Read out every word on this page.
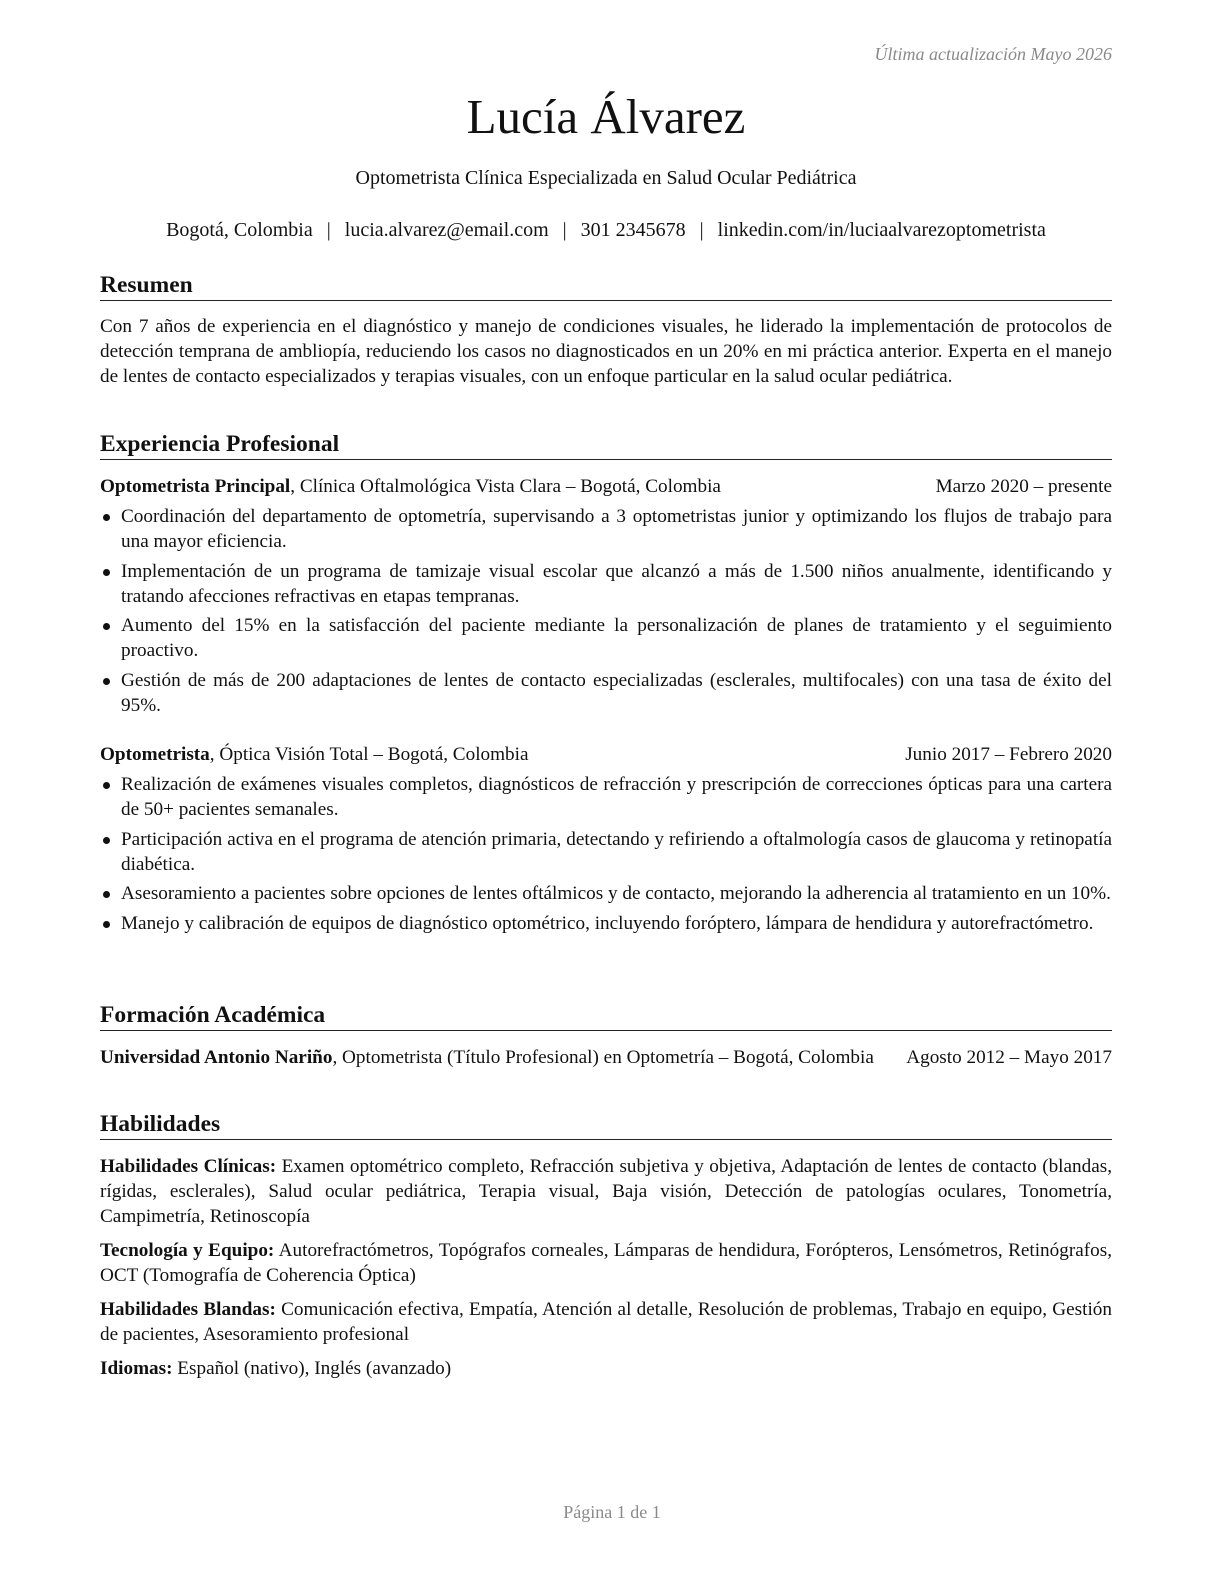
Última actualización Mayo 2026
Lucía Álvarez
Optometrista Clínica Especializada en Salud Ocular Pediátrica
Bogotá, Colombia | lucia.alvarez@email.com | 301 2345678 | linkedin.com/in/luciaalvarezoptometrista
Resumen
Con 7 años de experiencia en el diagnóstico y manejo de condiciones visuales, he liderado la implementación de protocolos de detección temprana de ambliopía, reduciendo los casos no diagnosticados en un 20% en mi práctica anterior. Experta en el manejo de lentes de contacto especializados y terapias visuales, con un enfoque particular en la salud ocular pediátrica.
Experiencia Profesional
Optometrista Principal, Clínica Oftalmológica Vista Clara – Bogotá, Colombia	Marzo 2020 – presente
Coordinación del departamento de optometría, supervisando a 3 optometristas junior y optimizando los flujos de trabajo para una mayor eficiencia.
Implementación de un programa de tamizaje visual escolar que alcanzó a más de 1.500 niños anualmente, identificando y tratando afecciones refractivas en etapas tempranas.
Aumento del 15% en la satisfacción del paciente mediante la personalización de planes de tratamiento y el seguimiento proactivo.
Gestión de más de 200 adaptaciones de lentes de contacto especializadas (esclerales, multifocales) con una tasa de éxito del 95%.
Optometrista, Óptica Visión Total – Bogotá, Colombia	Junio 2017 – Febrero 2020
Realización de exámenes visuales completos, diagnósticos de refracción y prescripción de correcciones ópticas para una cartera de 50+ pacientes semanales.
Participación activa en el programa de atención primaria, detectando y refiriendo a oftalmología casos de glaucoma y retinopatía diabética.
Asesoramiento a pacientes sobre opciones de lentes oftálmicos y de contacto, mejorando la adherencia al tratamiento en un 10%.
Manejo y calibración de equipos de diagnóstico optométrico, incluyendo foróptero, lámpara de hendidura y autorefractómetro.
Formación Académica
Universidad Antonio Nariño, Optometrista (Título Profesional) en Optometría – Bogotá, Colombia Agosto 2012 – Mayo 2017
Habilidades
Habilidades Clínicas: Examen optométrico completo, Refracción subjetiva y objetiva, Adaptación de lentes de contacto (blandas, rígidas, esclerales), Salud ocular pediátrica, Terapia visual, Baja visión, Detección de patologías oculares, Tonometría, Campimetría, Retinoscopía
Tecnología y Equipo: Autorefractómetros, Topógrafos corneales, Lámparas de hendidura, Forópteros, Lensómetros, Retinógrafos, OCT (Tomografía de Coherencia Óptica)
Habilidades Blandas: Comunicación efectiva, Empatía, Atención al detalle, Resolución de problemas, Trabajo en equipo, Gestión de pacientes, Asesoramiento profesional
Idiomas: Español (nativo), Inglés (avanzado)
Página 1 de 1
